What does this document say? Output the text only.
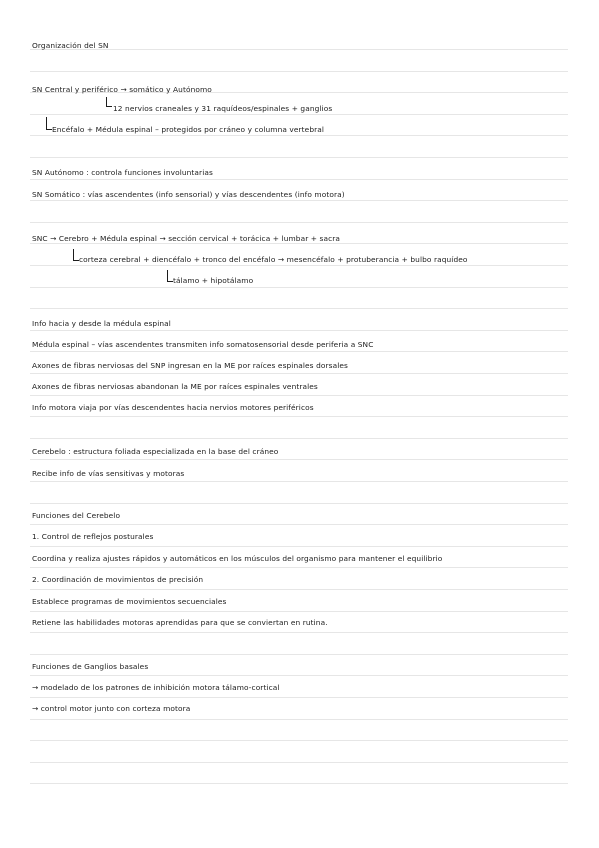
Organización del SN
SN Central y periférico → somático y Autónomo
12 nervios craneales y 31 raquídeos/espinales + ganglios
Encéfalo + Médula espinal – protegidos por cráneo y columna vertebral
SN Autónomo : controla funciones involuntarias
SN Somático : vías ascendentes (info sensorial) y vías descendentes (info motora)
SNC → Cerebro + Médula espinal → sección cervical + torácica + lumbar + sacra
corteza cerebral + diencéfalo + tronco del encéfalo → mesencéfalo + protuberancia + bulbo raquídeo
tálamo + hipotálamo
Info hacia y desde la médula espinal
Médula espinal – vías ascendentes transmiten info somatosensorial desde periferia a SNC
Axones de fibras nerviosas del SNP ingresan en la ME por raíces espinales dorsales
Axones de fibras nerviosas abandonan la ME por raíces espinales ventrales
Info motora viaja por vías descendentes hacia nervios motores periféricos
Cerebelo : estructura foliada especializada en la base del cráneo
Recibe info de vías sensitivas y motoras
Funciones del Cerebelo
1. Control de reflejos posturales
Coordina y realiza ajustes rápidos y automáticos en los músculos del organismo para mantener el equilibrio
2. Coordinación de movimientos de precisión
Establece programas de movimientos secuenciales
Retiene las habilidades motoras aprendidas para que se conviertan en rutina.
Funciones de Ganglios basales
→ modelado de los patrones de inhibición motora tálamo-cortical
→ control motor junto con corteza motora
